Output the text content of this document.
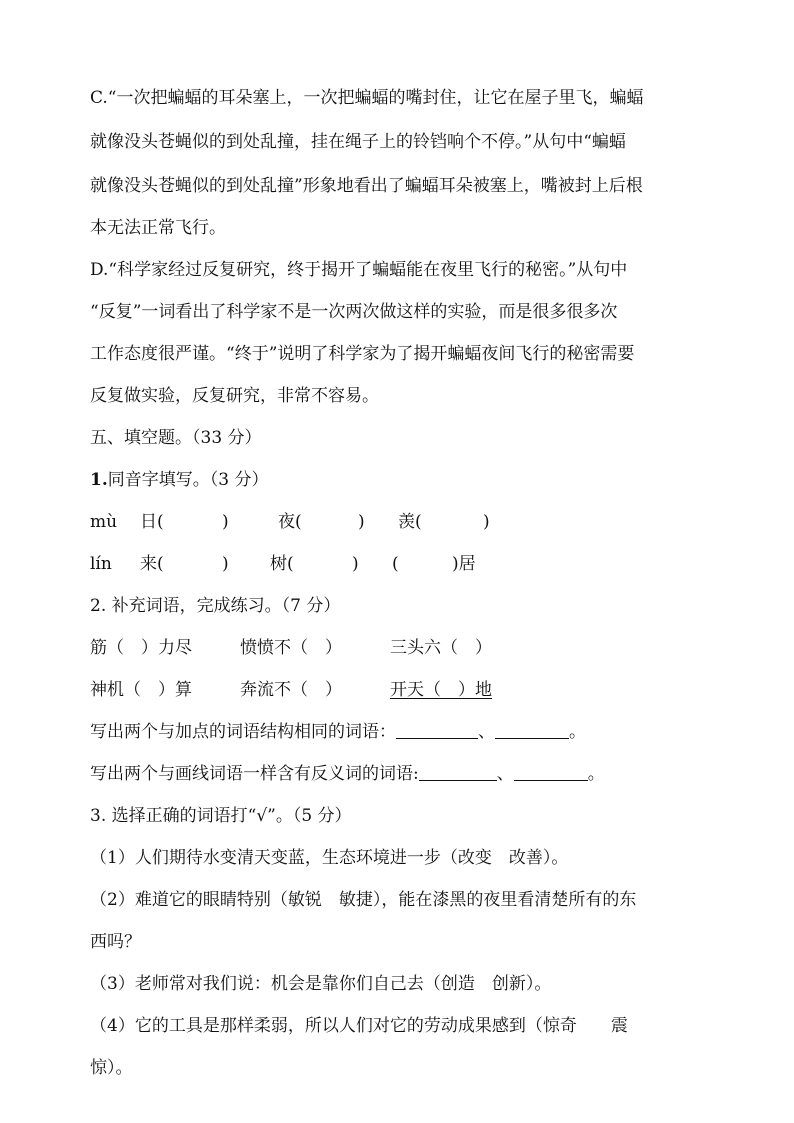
C.“一次把蝙蝠的耳朵塞上，一次把蝙蝠的嘴封住，让它在屋子里飞，蝙蝠
就像没头苍蝇似的到处乱撞，挂在绳子上的铃铛响个不停。”从句中“蝙蝠
就像没头苍蝇似的到处乱撞”形象地看出了蝙蝠耳朵被塞上，嘴被封上后根
本无法正常飞行。
D.“科学家经过反复研究，终于揭开了蝙蝠能在夜里飞行的秘密。”从句中
“反复”一词看出了科学家不是一次两次做这样的实验，而是很多很多次
工作态度很严谨。“终于”说明了科学家为了揭开蝙蝠夜间飞行的秘密需要
反复做实验，反复研究，非常不容易。
五、填空题。（33 分）
1.同音字填写。（3 分）
mù 日(	)	夜(	) 羡(	)
lín 来(	) 树(	) (	)居
2. 补充词语，完成练习。（7 分）
筋（　）力尽	愤愤不（　）	三头六（　）
神机（　）算	奔流不（　）	开天（　）地
写出两个与加点的词语结构相同的词语：	、	。
写出两个与画线词语一样含有反义词的词语:	、	。
3. 选择正确的词语打“√”。（5 分）
（1）人们期待水变清天变蓝，生态环境进一步（改变　改善）。
（2）难道它的眼睛特别（敏锐　敏捷），能在漆黑的夜里看清楚所有的东
西吗？
（3）老师常对我们说：机会是靠你们自己去（创造　创新）。
（4）它的工具是那样柔弱，所以人们对它的劳动成果感到（惊奇　　震
惊）。
